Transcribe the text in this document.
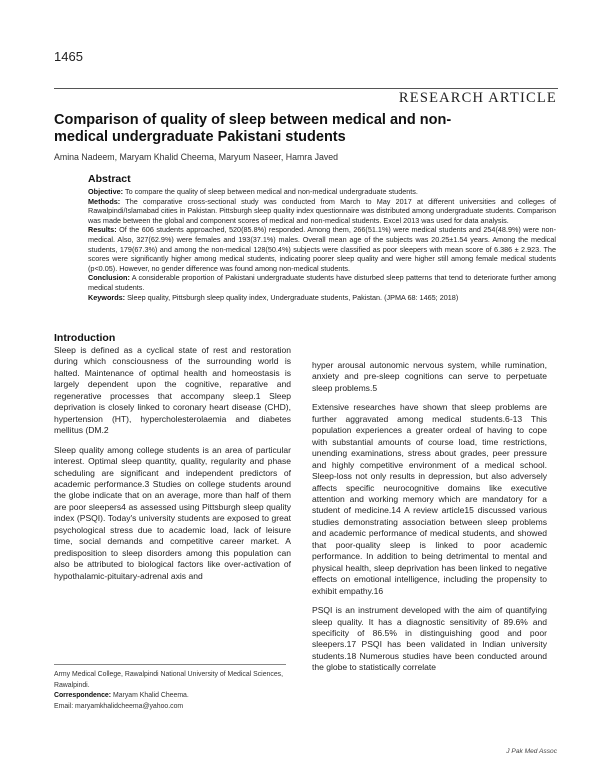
1465
RESEARCH ARTICLE
Comparison of quality of sleep between medical and non-medical undergraduate Pakistani students
Amina Nadeem, Maryam Khalid Cheema, Maryum Naseer, Hamra Javed
Abstract

Objective: To compare the quality of sleep between medical and non-medical undergraduate students.

Methods: The comparative cross-sectional study was conducted from March to May 2017 at different universities and colleges of Rawalpindi/Islamabad cities in Pakistan. Pittsburgh sleep quality index questionnaire was distributed among undergraduate students. Comparison was made between the global and component scores of medical and non-medical students. Excel 2013 was used for data analysis.

Results: Of the 606 students approached, 520(85.8%) responded. Among them, 266(51.1%) were medical students and 254(48.9%) were non-medical. Also, 327(62.9%) were females and 193(37.1%) males. Overall mean age of the subjects was 20.25±1.54 years. Among the medical students, 179(67.3%) and among the non-medical 128(50.4%) subjects were classified as poor sleepers with mean score of 6.386 ± 2.923. The scores were significantly higher among medical students, indicating poorer sleep quality and were higher still among female medical students (p<0.05). However, no gender difference was found among non-medical students.

Conclusion: A considerable proportion of Pakistani undergraduate students have disturbed sleep patterns that tend to deteriorate further among medical students.

Keywords: Sleep quality, Pittsburgh sleep quality index, Undergraduate students, Pakistan. (JPMA 68: 1465; 2018)

Introduction

Sleep is defined as a cyclical state of rest and restoration during which consciousness of the surrounding world is halted. Maintenance of optimal health and homeostasis is largely dependent upon the cognitive, reparative and regenerative processes that accompany sleep.1 Sleep deprivation is closely linked to coronary heart disease (CHD), hypertension (HT), hypercholesterolaemia and diabetes mellitus (DM.2

Sleep quality among college students is an area of particular interest. Optimal sleep quantity, quality, regularity and phase scheduling are significant and independent predictors of academic performance.3 Studies on college students around the globe indicate that on an average, more than half of them are poor sleepers4 as assessed using Pittsburgh sleep quality index (PSQI). Today's university students are exposed to great psychological stress due to academic load, lack of leisure time, social demands and competitive career market. A predisposition to sleep disorders among this population can also be attributed to biological factors like over-activation of hypothalamic-pituitary-adrenal axis and

hyper arousal autonomic nervous system, while rumination, anxiety and pre-sleep cognitions can serve to perpetuate sleep problems.5

Extensive researches have shown that sleep problems are further aggravated among medical students.6-13 This population experiences a greater ordeal of having to cope with substantial amounts of course load, time restrictions, unending examinations, stress about grades, peer pressure and highly competitive environment of a medical school. Sleep-loss not only results in depression, but also adversely affects specific neurocognitive domains like executive attention and working memory which are mandatory for a student of medicine.14 A review article15 discussed various studies demonstrating association between sleep problems and academic performance of medical students, and showed that poor-quality sleep is linked to poor academic performance. In addition to being detrimental to mental and physical health, sleep deprivation has been linked to negative effects on emotional intelligence, including the propensity to exhibit empathy.16

PSQI is an instrument developed with the aim of quantifying sleep quality. It has a diagnostic sensitivity of 89.6% and specificity of 86.5% in distinguishing good and poor sleepers.17 PSQI has been validated in Indian university students.18 Numerous studies have been conducted around the globe to statistically correlate

Army Medical College, Rawalpindi National University of Medical Sciences, Rawalpindi.

Correspondence: Maryam Khalid Cheema.

Email: maryamkhalidcheema@yahoo.com

J Pak Med Assoc
